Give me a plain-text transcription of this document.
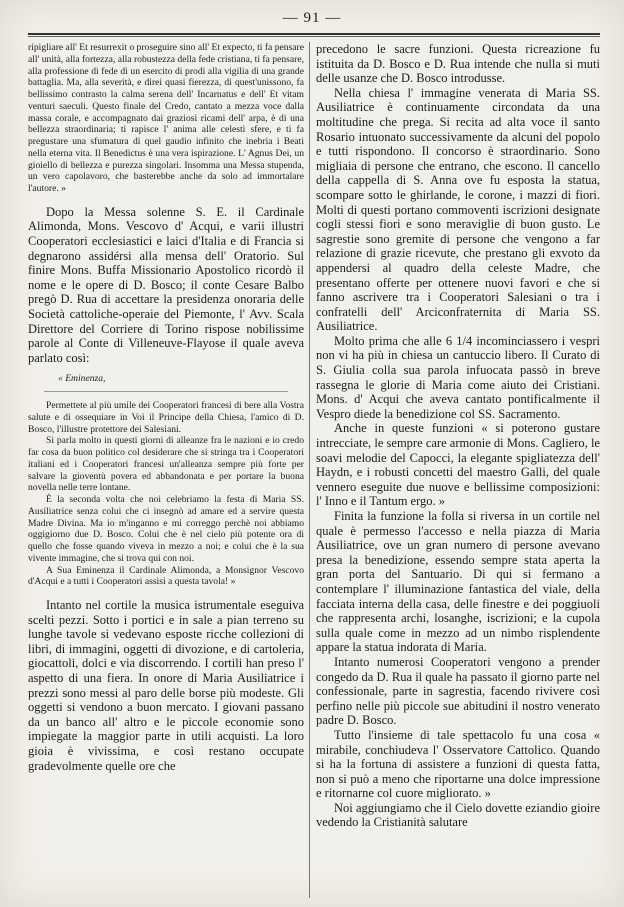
— 91 —

ripigliare all' Et resurrexit o proseguire sino all' Et expecto, ti fa pensare all' unità, alla fortezza, alla robustezza della fede cristiana, ti fa pensare, alla professione di fede di un esercito di prodi alla vigilia di una grande battaglia. Ma, alla severità, e direi quasi fierezza, di quest'unissono, fa bellissimo contrasto la calma serena dell' Incarnatus e dell' Et vitam venturi saeculi. Questo finale del Credo, cantato a mezza voce dalla massa corale, e accompagnato dai graziosi ricami dell' arpa, è di una bellezza straordinaria; ti rapisce l' anima alle celesti sfere, e ti fa pregustare una sfumatura di quel gaudio infinito che inebria i Beati nella eterna vita. Il Benedictus è una vera ispirazione. L' Agnus Dei, un gioiello di bellezza e purezza singolari. Insomma una Messa stupenda, un vero capolavoro, che basterebbe anche da solo ad immortalare l'autore. »

Dopo la Messa solenne S. E. il Cardinale Alimonda, Mons. Vescovo d' Acqui, e varii illustri Cooperatori ecclesiastici e laici d'Italia e di Francia si degnarono assidérsi alla mensa dell' Oratorio. Sul finire Mons. Buffa Missionario Apostolico ricordò il nome e le opere di D. Bosco; il conte Cesare Balbo pregò D. Rua di accettare la presidenza onoraria delle Società cattoliche-operaie del Piemonte, l' Avv. Scala Direttore del Corriere di Torino rispose nobilissime parole al Conte di Villeneuve-Flayose il quale aveva parlato così:

« Eminenza,

Permettete al più umile dei Cooperatori francesi di bere alla Vostra salute e di ossequiare in Voi il Principe della Chiesa, l'amico di D. Bosco, l'illustre protettore dei Salesiani.

Si parla molto in questi giorni di alleanze fra le nazioni e io credo far cosa da buon politico col desiderare che si stringa tra i Cooperatori italiani ed i Cooperatori francesi un'alleanza sempre più forte per salvare la gioventù povera ed abbandonata e per portare la buona novella nelle terre lontane.

È la seconda volta che noi celebriamo la festa di Maria SS. Ausiliatrice senza colui che ci insegnò ad amare ed a servire questa Madre Divina. Ma io m'inganno e mi correggo perchè noi abbiamo oggigiorno due D. Bosco. Colui che è nel cielo più potente ora di quello che fosse quando viveva in mezzo a noi; e colui che è la sua vivente immagine, che si trova qui con noi.

A Sua Eminenza il Cardinale Alimonda, a Monsignor Vescovo d'Acqui e a tutti i Cooperatori assisi a questa tavola! »

Intanto nel cortile la musica istrumentale eseguiva scelti pezzi. Sotto i portici e in sale a pian terreno su lunghe tavole si vedevano esposte ricche collezioni di libri, di immagini, oggetti di divozione, e di cartoleria, giocattoli, dolci e via discorrendo. I cortili han preso l' aspetto di una fiera. In onore di Maria Ausiliatrice i prezzi sono messi al paro delle borse più modeste. Gli oggetti si vendono a buon mercato. I giovani passano da un banco all' altro e le piccole economie sono impiegate la maggior parte in utili acquisti. La loro gioia è vivissima, e così restano occupate gradevolmente quelle ore che

precedono le sacre funzioni. Questa ricreazione fu istituita da D. Bosco e D. Rua intende che nulla si muti delle usanze che D. Bosco introdusse.

Nella chiesa l' immagine venerata di Maria SS. Ausiliatrice è continuamente circondata da una moltitudine che prega. Si recita ad alta voce il santo Rosario intuonato successivamente da alcuni del popolo e tutti rispondono. Il concorso è straordinario. Sono migliaia di persone che entrano, che escono. Il cancello della cappella di S. Anna ove fu esposta la statua, scompare sotto le ghirlande, le corone, i mazzi di fiori. Molti di questi portano commoventi iscrizioni designate cogli stessi fiori e sono meraviglie di buon gusto. Le sagrestie sono gremite di persone che vengono a far relazione di grazie ricevute, che prestano gli exvoto da appendersi al quadro della celeste Madre, che presentano offerte per ottenere nuovi favori e che si fanno ascrivere tra i Cooperatori Salesiani o tra i confratelli dell' Arciconfraternita di Maria SS. Ausiliatrice.

Molto prima che alle 6 1/4 incominciassero i vespri non vi ha più in chiesa un cantuccio libero. Il Curato di S. Giulia colla sua parola infuocata passò in breve rassegna le glorie di Maria come aiuto dei Cristiani. Mons. d' Acqui che aveva cantato pontificalmente il Vespro diede la benedizione col SS. Sacramento.

Anche in queste funzioni « si poterono gustare intrecciate, le sempre care armonie di Mons. Cagliero, le soavi melodie del Capocci, la elegante spigliatezza dell' Haydn, e i robusti concetti del maestro Galli, del quale vennero eseguite due nuove e bellissime composizioni: l' Inno e il Tantum ergo. »

Finita la funzione la folla si riversa in un cortile nel quale è permesso l'accesso e nella piazza di Maria Ausiliatrice, ove un gran numero di persone avevano presa la benedizione, essendo sempre stata aperta la gran porta del Santuario. Di qui si fermano a contemplare l' illuminazione fantastica del viale, della facciata interna della casa, delle finestre e dei poggiuoli che rappresenta archi, losanghe, iscrizioni; e la cupola sulla quale come in mezzo ad un nimbo risplendente appare la statua indorata di Maria.

Intanto numerosi Cooperatori vengono a prender congedo da D. Rua il quale ha passato il giorno parte nel confessionale, parte in sagrestia, facendo rivivere così perfino nelle più piccole sue abitudini il nostro venerato padre D. Bosco.

Tutto l'insieme di tale spettacolo fu una cosa « mirabile, conchiudeva l' Osservatore Cattolico. Quando si ha la fortuna di assistere a funzioni di questa fatta, non si può a meno che riportarne una dolce impressione e ritornarne col cuore migliorato. »

Noi aggiungiamo che il Cielo dovette eziandio gioire vedendo la Cristianità salutare
